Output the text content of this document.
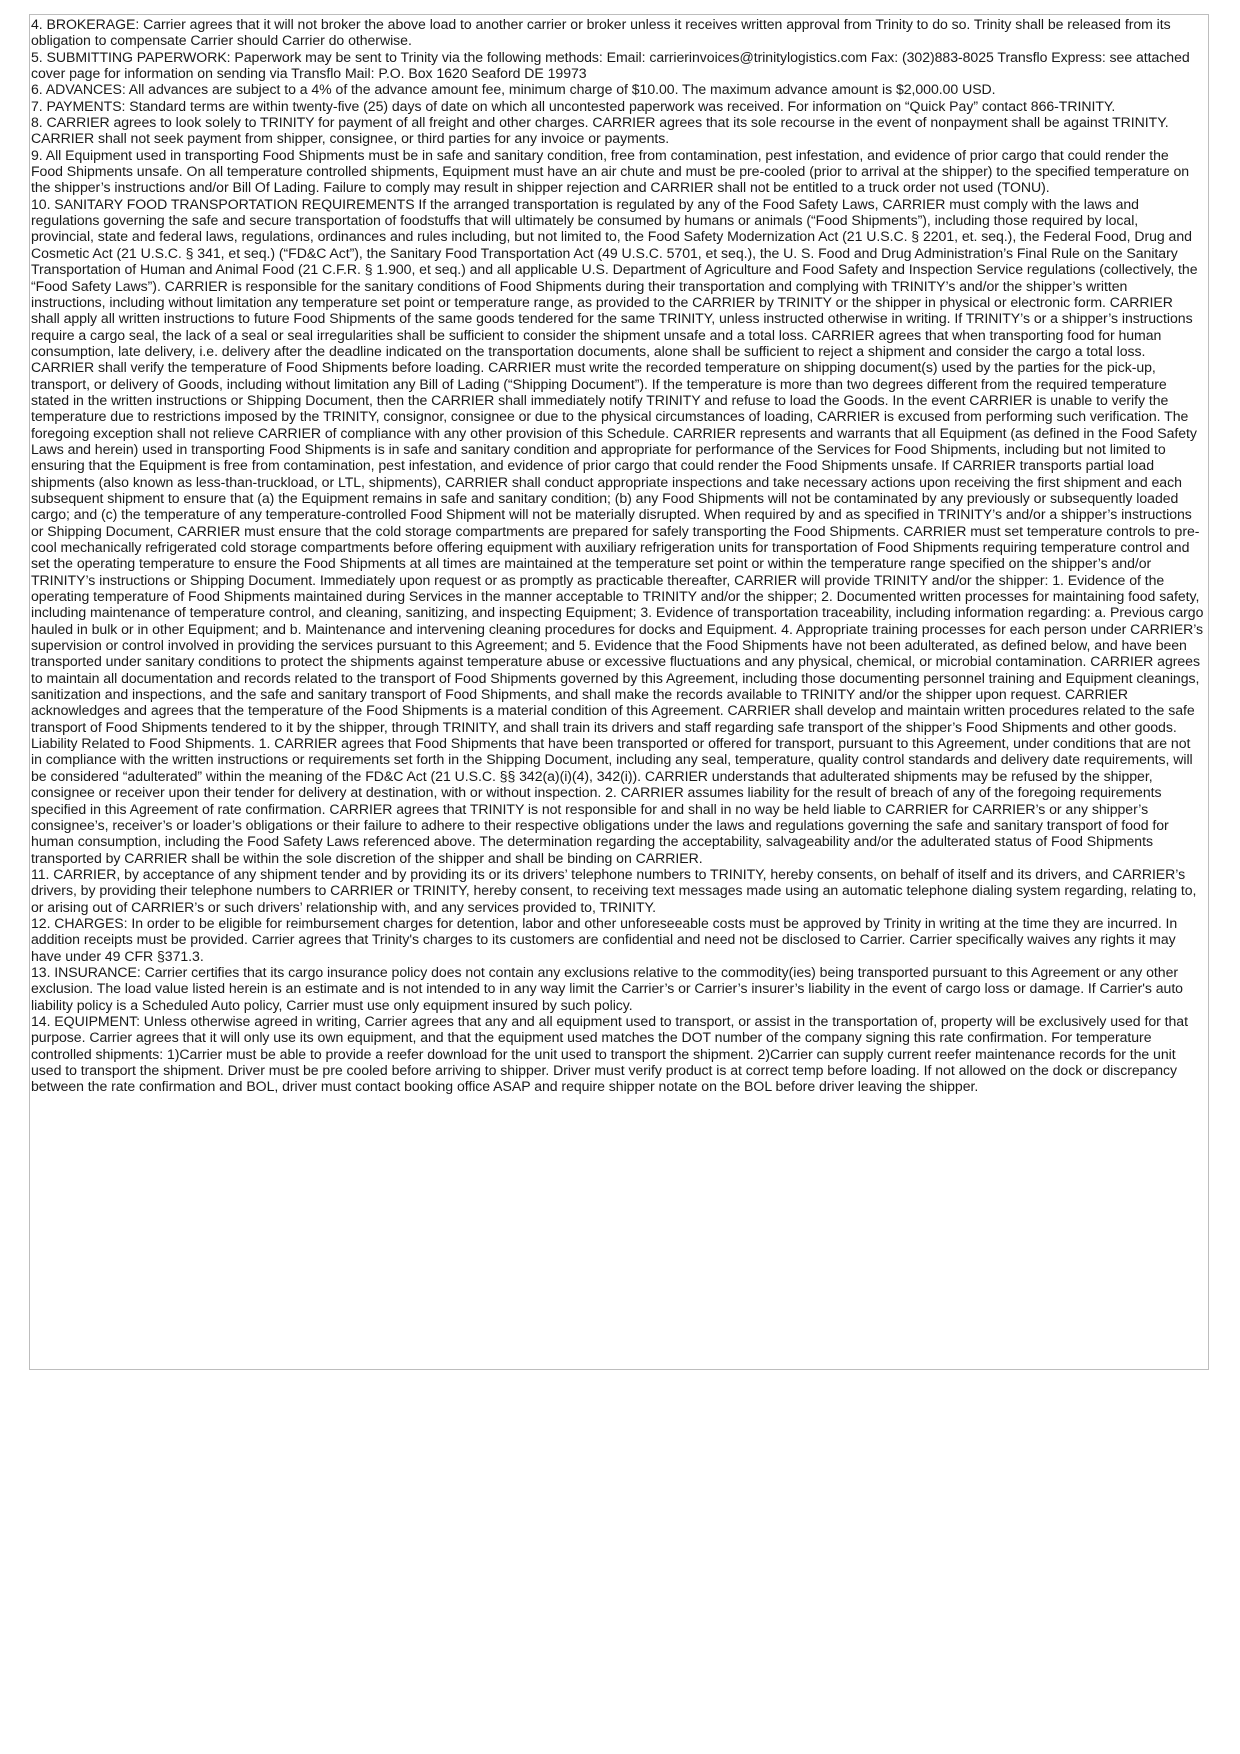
4. BROKERAGE: Carrier agrees that it will not broker the above load to another carrier or broker unless it receives written approval from Trinity to do so. Trinity shall be released from its obligation to compensate Carrier should Carrier do otherwise.

5. SUBMITTING PAPERWORK: Paperwork may be sent to Trinity via the following methods: Email: carrierinvoices@trinitylogistics.com Fax: (302)883-8025 Transflo Express: see attached cover page for information on sending via Transflo Mail: P.O. Box 1620 Seaford DE 19973

6. ADVANCES: All advances are subject to a 4% of the advance amount fee, minimum charge of $10.00. The maximum advance amount is $2,000.00 USD.

7. PAYMENTS: Standard terms are within twenty-five (25) days of date on which all uncontested paperwork was received. For information on “Quick Pay” contact 866-TRINITY.

8. CARRIER agrees to look solely to TRINITY for payment of all freight and other charges. CARRIER agrees that its sole recourse in the event of nonpayment shall be against TRINITY. CARRIER shall not seek payment from shipper, consignee, or third parties for any invoice or payments.

9. All Equipment used in transporting Food Shipments must be in safe and sanitary condition, free from contamination, pest infestation, and evidence of prior cargo that could render the Food Shipments unsafe. On all temperature controlled shipments, Equipment must have an air chute and must be pre-cooled (prior to arrival at the shipper) to the specified temperature on the shipper’s instructions and/or Bill Of Lading. Failure to comply may result in shipper rejection and CARRIER shall not be entitled to a truck order not used (TONU).

10. SANITARY FOOD TRANSPORTATION REQUIREMENTS If the arranged transportation is regulated by any of the Food Safety Laws, CARRIER must comply with the laws and regulations governing the safe and secure transportation of foodstuffs that will ultimately be consumed by humans or animals (“Food Shipments”), including those required by local, provincial, state and federal laws, regulations, ordinances and rules including, but not limited to, the Food Safety Modernization Act (21 U.S.C. § 2201, et. seq.), the Federal Food, Drug and Cosmetic Act (21 U.S.C. § 341, et seq.) (“FD&C Act”), the Sanitary Food Transportation Act (49 U.S.C. 5701, et seq.), the U. S. Food and Drug Administration’s Final Rule on the Sanitary Transportation of Human and Animal Food (21 C.F.R. § 1.900, et seq.) and all applicable U.S. Department of Agriculture and Food Safety and Inspection Service regulations (collectively, the “Food Safety Laws”). CARRIER is responsible for the sanitary conditions of Food Shipments during their transportation and complying with TRINITY’s and/or the shipper’s written instructions, including without limitation any temperature set point or temperature range, as provided to the CARRIER by TRINITY or the shipper in physical or electronic form. CARRIER shall apply all written instructions to future Food Shipments of the same goods tendered for the same TRINITY, unless instructed otherwise in writing. If TRINITY’s or a shipper’s instructions require a cargo seal, the lack of a seal or seal irregularities shall be sufficient to consider the shipment unsafe and a total loss. CARRIER agrees that when transporting food for human consumption, late delivery, i.e. delivery after the deadline indicated on the transportation documents, alone shall be sufficient to reject a shipment and consider the cargo a total loss. CARRIER shall verify the temperature of Food Shipments before loading. CARRIER must write the recorded temperature on shipping document(s) used by the parties for the pick-up, transport, or delivery of Goods, including without limitation any Bill of Lading (“Shipping Document”). If the temperature is more than two degrees different from the required temperature stated in the written instructions or Shipping Document, then the CARRIER shall immediately notify TRINITY and refuse to load the Goods. In the event CARRIER is unable to verify the temperature due to restrictions imposed by the TRINITY, consignor, consignee or due to the physical circumstances of loading, CARRIER is excused from performing such verification. The foregoing exception shall not relieve CARRIER of compliance with any other provision of this Schedule. CARRIER represents and warrants that all Equipment (as defined in the Food Safety Laws and herein) used in transporting Food Shipments is in safe and sanitary condition and appropriate for performance of the Services for Food Shipments, including but not limited to ensuring that the Equipment is free from contamination, pest infestation, and evidence of prior cargo that could render the Food Shipments unsafe. If CARRIER transports partial load shipments (also known as less-than-truckload, or LTL, shipments), CARRIER shall conduct appropriate inspections and take necessary actions upon receiving the first shipment and each subsequent shipment to ensure that (a) the Equipment remains in safe and sanitary condition; (b) any Food Shipments will not be contaminated by any previously or subsequently loaded cargo; and (c) the temperature of any temperature-controlled Food Shipment will not be materially disrupted. When required by and as specified in TRINITY’s and/or a shipper’s instructions or Shipping Document, CARRIER must ensure that the cold storage compartments are prepared for safely transporting the Food Shipments. CARRIER must set temperature controls to pre-cool mechanically refrigerated cold storage compartments before offering equipment with auxiliary refrigeration units for transportation of Food Shipments requiring temperature control and set the operating temperature to ensure the Food Shipments at all times are maintained at the temperature set point or within the temperature range specified on the shipper’s and/or TRINITY’s instructions or Shipping Document. Immediately upon request or as promptly as practicable thereafter, CARRIER will provide TRINITY and/or the shipper: 1. Evidence of the operating temperature of Food Shipments maintained during Services in the manner acceptable to TRINITY and/or the shipper; 2. Documented written processes for maintaining food safety, including maintenance of temperature control, and cleaning, sanitizing, and inspecting Equipment; 3. Evidence of transportation traceability, including information regarding: a. Previous cargo hauled in bulk or in other Equipment; and b. Maintenance and intervening cleaning procedures for docks and Equipment. 4. Appropriate training processes for each person under CARRIER’s supervision or control involved in providing the services pursuant to this Agreement; and 5. Evidence that the Food Shipments have not been adulterated, as defined below, and have been transported under sanitary conditions to protect the shipments against temperature abuse or excessive fluctuations and any physical, chemical, or microbial contamination. CARRIER agrees to maintain all documentation and records related to the transport of Food Shipments governed by this Agreement, including those documenting personnel training and Equipment cleanings, sanitization and inspections, and the safe and sanitary transport of Food Shipments, and shall make the records available to TRINITY and/or the shipper upon request. CARRIER acknowledges and agrees that the temperature of the Food Shipments is a material condition of this Agreement. CARRIER shall develop and maintain written procedures related to the safe transport of Food Shipments tendered to it by the shipper, through TRINITY, and shall train its drivers and staff regarding safe transport of the shipper’s Food Shipments and other goods. Liability Related to Food Shipments. 1. CARRIER agrees that Food Shipments that have been transported or offered for transport, pursuant to this Agreement, under conditions that are not in compliance with the written instructions or requirements set forth in the Shipping Document, including any seal, temperature, quality control standards and delivery date requirements, will be considered “adulterated” within the meaning of the FD&C Act (21 U.S.C. §§ 342(a)(i)(4), 342(i)). CARRIER understands that adulterated shipments may be refused by the shipper, consignee or receiver upon their tender for delivery at destination, with or without inspection. 2. CARRIER assumes liability for the result of breach of any of the foregoing requirements specified in this Agreement of rate confirmation. CARRIER agrees that TRINITY is not responsible for and shall in no way be held liable to CARRIER for CARRIER’s or any shipper’s consignee’s, receiver’s or loader’s obligations or their failure to adhere to their respective obligations under the laws and regulations governing the safe and sanitary transport of food for human consumption, including the Food Safety Laws referenced above. The determination regarding the acceptability, salvageability and/or the adulterated status of Food Shipments transported by CARRIER shall be within the sole discretion of the shipper and shall be binding on CARRIER.

11. CARRIER, by acceptance of any shipment tender and by providing its or its drivers’ telephone numbers to TRINITY, hereby consents, on behalf of itself and its drivers, and CARRIER’s drivers, by providing their telephone numbers to CARRIER or TRINITY, hereby consent, to receiving text messages made using an automatic telephone dialing system regarding, relating to, or arising out of CARRIER’s or such drivers’ relationship with, and any services provided to, TRINITY.

12. CHARGES: In order to be eligible for reimbursement charges for detention, labor and other unforeseeable costs must be approved by Trinity in writing at the time they are incurred. In addition receipts must be provided. Carrier agrees that Trinity's charges to its customers are confidential and need not be disclosed to Carrier. Carrier specifically waives any rights it may have under 49 CFR §371.3.

13. INSURANCE: Carrier certifies that its cargo insurance policy does not contain any exclusions relative to the commodity(ies) being transported pursuant to this Agreement or any other exclusion. The load value listed herein is an estimate and is not intended to in any way limit the Carrier’s or Carrier’s insurer’s liability in the event of cargo loss or damage. If Carrier's auto liability policy is a Scheduled Auto policy, Carrier must use only equipment insured by such policy.

14. EQUIPMENT: Unless otherwise agreed in writing, Carrier agrees that any and all equipment used to transport, or assist in the transportation of, property will be exclusively used for that purpose. Carrier agrees that it will only use its own equipment, and that the equipment used matches the DOT number of the company signing this rate confirmation. For temperature controlled shipments: 1)Carrier must be able to provide a reefer download for the unit used to transport the shipment. 2)Carrier can supply current reefer maintenance records for the unit used to transport the shipment. Driver must be pre cooled before arriving to shipper. Driver must verify product is at correct temp before loading. If not allowed on the dock or discrepancy between the rate confirmation and BOL, driver must contact booking office ASAP and require shipper notate on the BOL before driver leaving the shipper.
